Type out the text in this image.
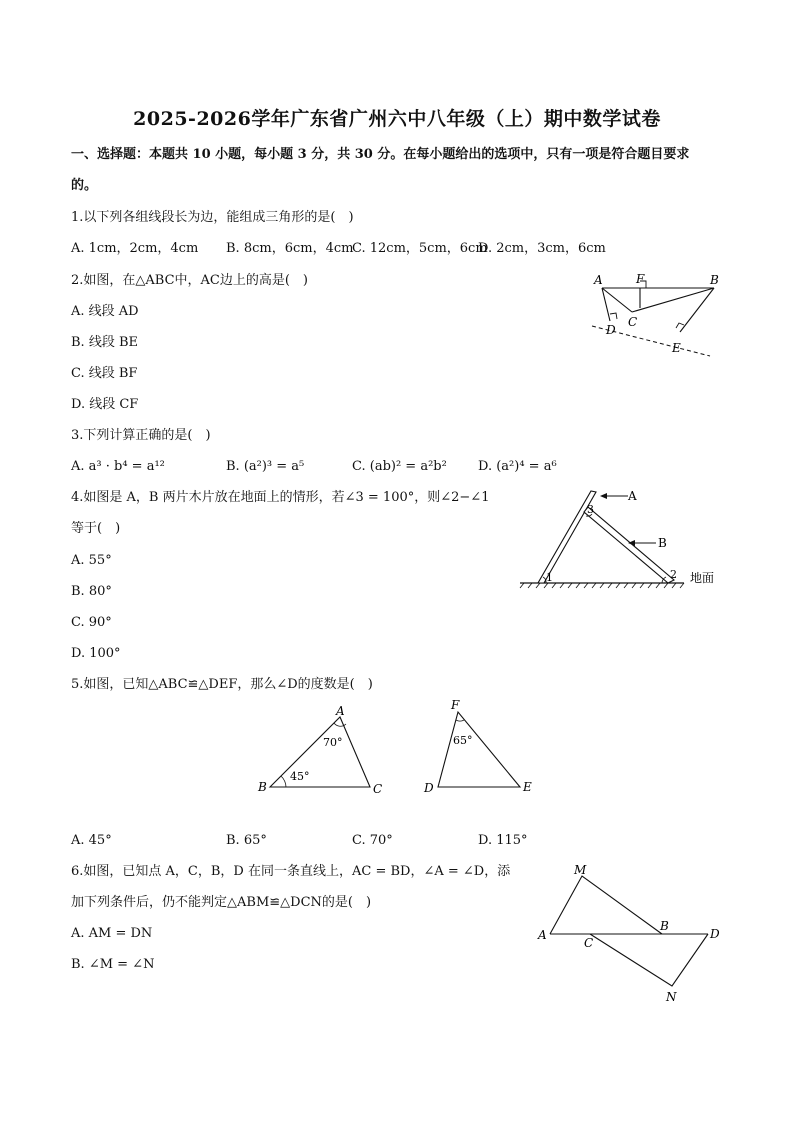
2025-2026学年广东省广州六中八年级（上）期中数学试卷
一、选择题：本题共 10 小题，每小题 3 分，共 30 分。在每小题给出的选项中，只有一项是符合题目要求
的。
1.以下列各组线段长为边，能组成三角形的是(　)
A. 1cm，2cm，4cm B. 8cm，6cm，4cm
C. 12cm，5cm，6cm
D. 2cm，3cm，6cm
2.如图，在△ABC中，AC边上的高是(　)
A. 线段 AD
B. 线段 BE
C. 线段 BF
D. 线段 CF
A	F	B
C
D
E
3.下列计算正确的是(　)
A. a³ · b⁴ = a¹²	B. (a²)³ = a⁵	C. (ab)² = a²b² D. (a²)⁴ = a⁶
4.如图是 A，B 两片木片放在地面上的情形，若∠3 = 100°，则∠2−∠1
等于(　)
A. 55°
B. 80°
C. 90°
D. 100°
A
B
1	2
3
地面
5.如图，已知△ABC≌△DEF，那么∠D的度数是(　)
A
B	C
70°
45°
F
D	E
65°
A. 45°	B. 65°	C. 70°	D. 115°
6.如图，已知点 A，C，B，D 在同一条直线上，AC = BD，∠A = ∠D，添
加下列条件后，仍不能判定△ABM≌△DCN的是(　)
A. AM = DN
B. ∠M = ∠N
A
C
B
D
M
N
